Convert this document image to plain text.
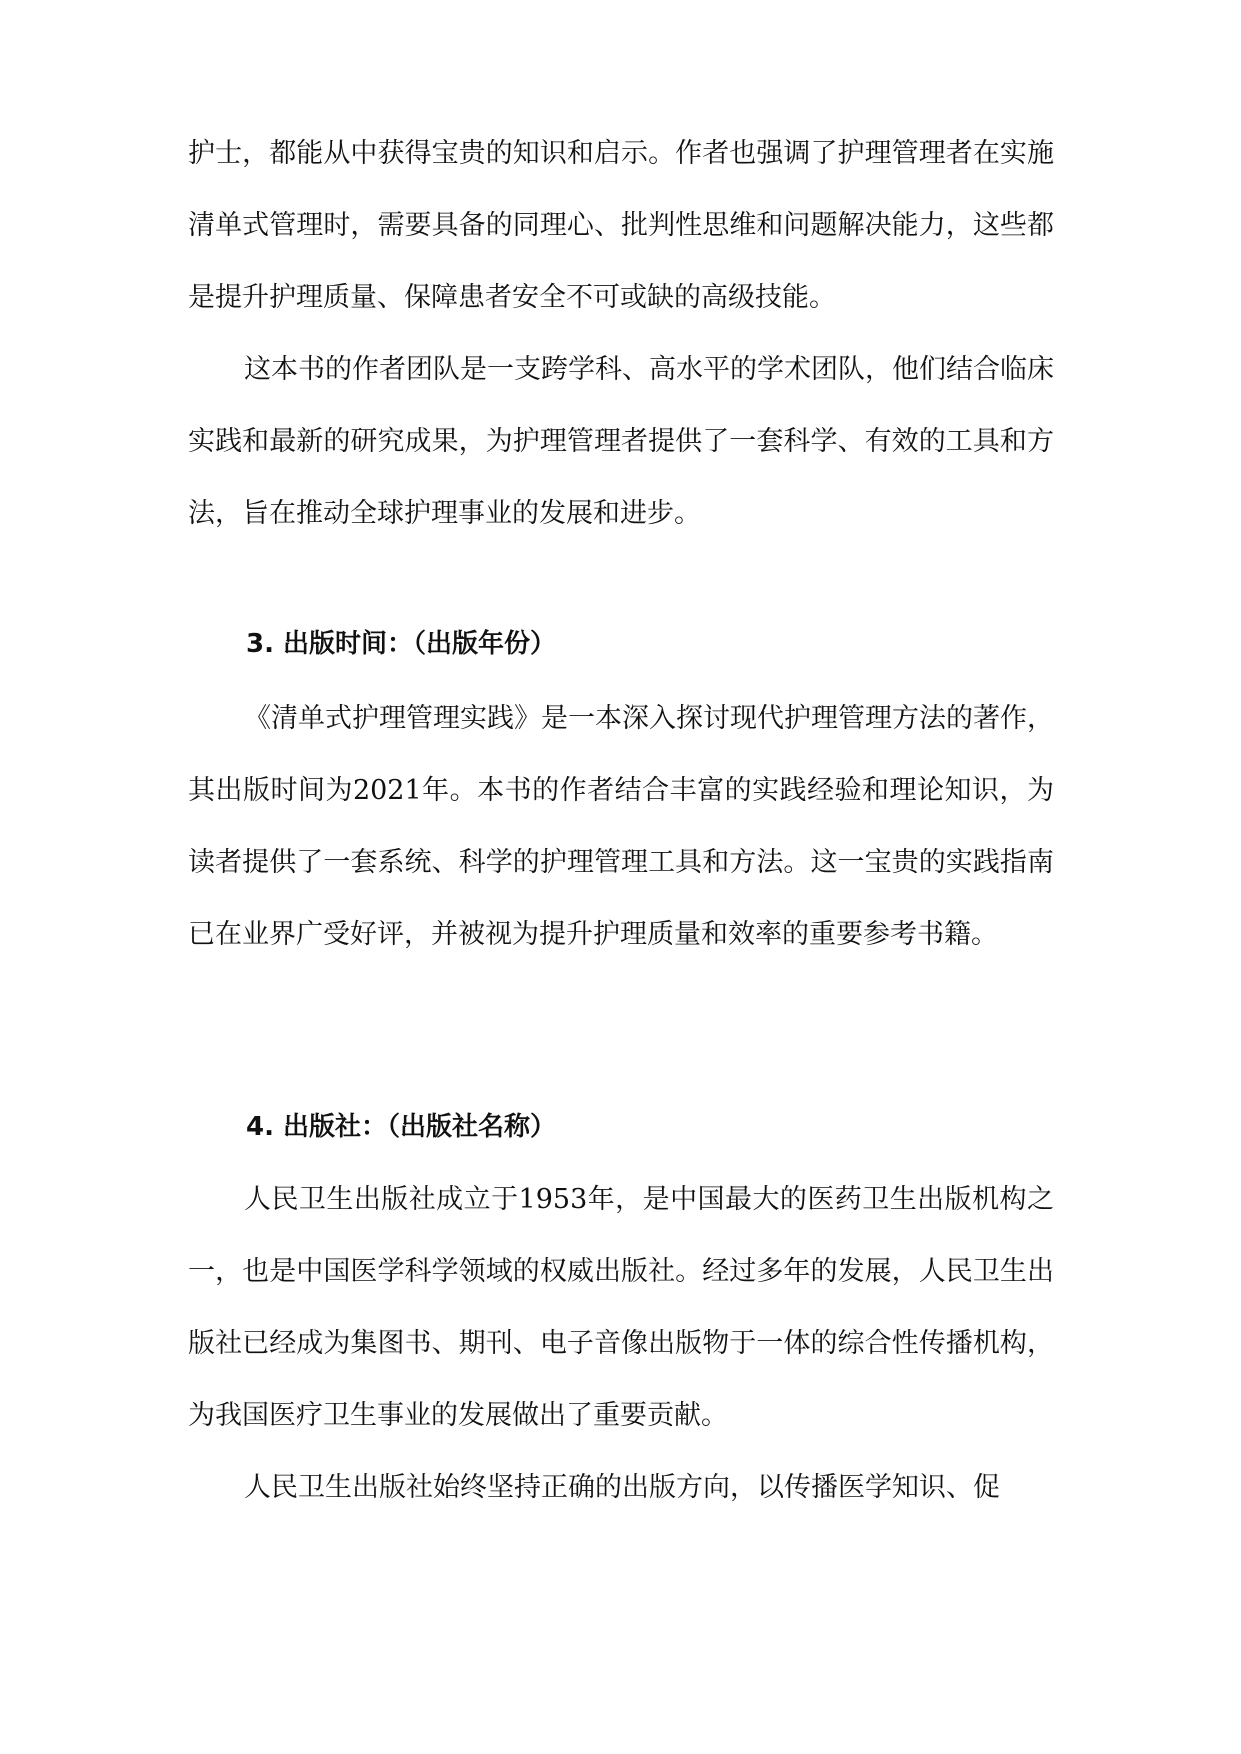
护士，都能从中获得宝贵的知识和启示。作者也强调了护理管理者在实施清单式管理时，需要具备的同理心、批判性思维和问题解决能力，这些都是提升护理质量、保障患者安全不可或缺的高级技能。

这本书的作者团队是一支跨学科、高水平的学术团队，他们结合临床实践和最新的研究成果，为护理管理者提供了一套科学、有效的工具和方法，旨在推动全球护理事业的发展和进步。

3. 出版时间：（出版年份）

《清单式护理管理实践》是一本深入探讨现代护理管理方法的著作，其出版时间为2021年。本书的作者结合丰富的实践经验和理论知识，为读者提供了一套系统、科学的护理管理工具和方法。这一宝贵的实践指南已在业界广受好评，并被视为提升护理质量和效率的重要参考书籍。

4. 出版社：（出版社名称）

人民卫生出版社成立于1953年，是中国最大的医药卫生出版机构之一，也是中国医学科学领域的权威出版社。经过多年的发展，人民卫生出版社已经成为集图书、期刊、电子音像出版物于一体的综合性传播机构，为我国医疗卫生事业的发展做出了重要贡献。

人民卫生出版社始终坚持正确的出版方向，以传播医学知识、促
